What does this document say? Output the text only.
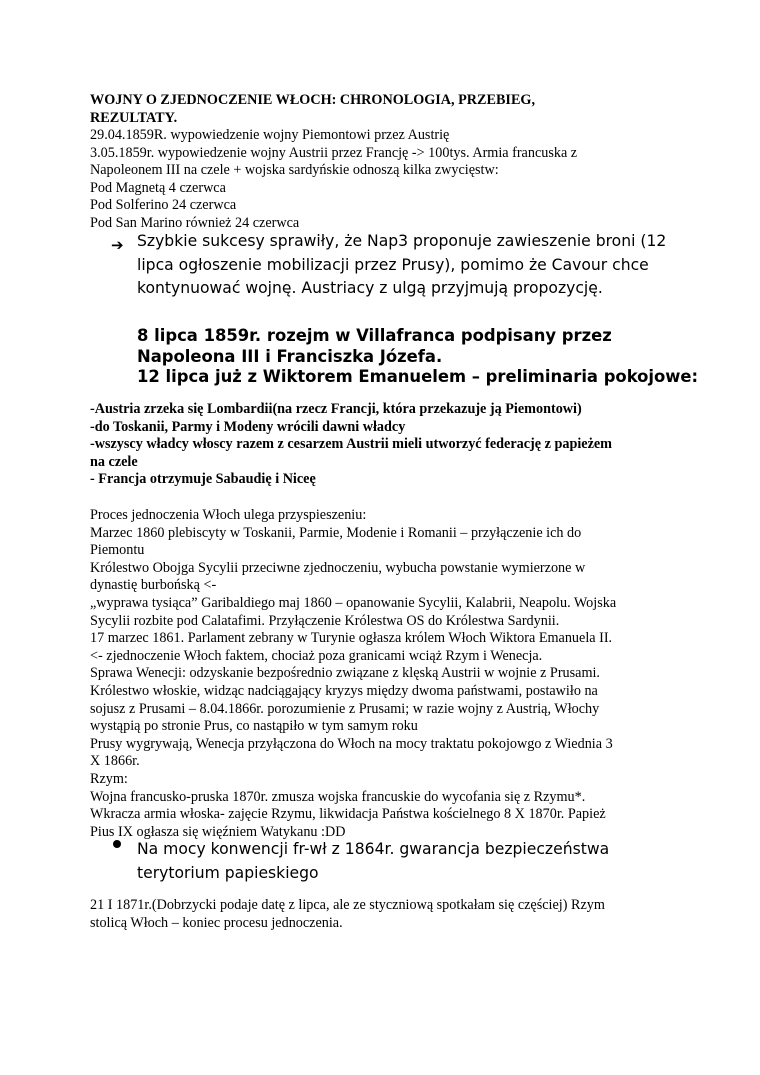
WOJNY O ZJEDNOCZENIE WŁOCH: CHRONOLOGIA, PRZEBIEG,
REZULTATY.
29.04.1859R. wypowiedzenie wojny Piemontowi przez Austrię
3.05.1859r. wypowiedzenie wojny Austrii przez Francję -> 100tys. Armia francuska z
Napoleonem III na czele + wojska sardyńskie odnoszą kilka zwycięstw:
Pod Magnetą 4 czerwca
Pod Solferino 24 czerwca
Pod San Marino również 24 czerwca
➔ Szybkie sukcesy sprawiły, że Nap3 proponuje zawieszenie broni (12
lipca ogłoszenie mobilizacji przez Prusy), pomimo że Cavour chce
kontynuować wojnę. Austriacy z ulgą przyjmują propozycję.
8 lipca 1859r. rozejm w Villafranca podpisany przez
Napoleona III i Franciszka Józefa.
12 lipca już z Wiktorem Emanuelem – preliminaria pokojowe:
-Austria zrzeka się Lombardii(na rzecz Francji, która przekazuje ją Piemontowi)
-do Toskanii, Parmy i Modeny wrócili dawni władcy
-wszyscy władcy włoscy razem z cesarzem Austrii mieli utworzyć federację z papieżem
na czele
- Francja otrzymuje Sabaudię i Niceę
Proces jednoczenia Włoch ulega przyspieszeniu:
Marzec 1860 plebiscyty w Toskanii, Parmie, Modenie i Romanii – przyłączenie ich do
Piemontu
Królestwo Obojga Sycylii przeciwne zjednoczeniu, wybucha powstanie wymierzone w
dynastię burbońską <-
„wyprawa tysiąca” Garibaldiego maj 1860 – opanowanie Sycylii, Kalabrii, Neapolu. Wojska
Sycylii rozbite pod Calatafimi. Przyłączenie Królestwa OS do Królestwa Sardynii.
17 marzec 1861. Parlament zebrany w Turynie ogłasza królem Włoch Wiktora Emanuela II.
<- zjednoczenie Włoch faktem, chociaż poza granicami wciąż Rzym i Wenecja.
Sprawa Wenecji: odzyskanie bezpośrednio związane z klęską Austrii w wojnie z Prusami.
Królestwo włoskie, widząc nadciągający kryzys między dwoma państwami, postawiło na
sojusz z Prusami – 8.04.1866r. porozumienie z Prusami; w razie wojny z Austrią, Włochy
wystąpią po stronie Prus, co nastąpiło w tym samym roku
Prusy wygrywają, Wenecja przyłączona do Włoch na mocy traktatu pokojowgo z Wiednia 3
X 1866r.
Rzym:
Wojna francusko-pruska 1870r. zmusza wojska francuskie do wycofania się z Rzymu*.
Wkracza armia włoska- zajęcie Rzymu, likwidacja Państwa kościelnego 8 X 1870r. Papież
Pius IX ogłasza się więźniem Watykanu :DD
Na mocy konwencji fr-wł z 1864r. gwarancja bezpieczeństwa
terytorium papieskiego
21 I 1871r.(Dobrzycki podaje datę z lipca, ale ze styczniową spotkałam się częściej) Rzym
stolicą Włoch – koniec procesu jednoczenia.
